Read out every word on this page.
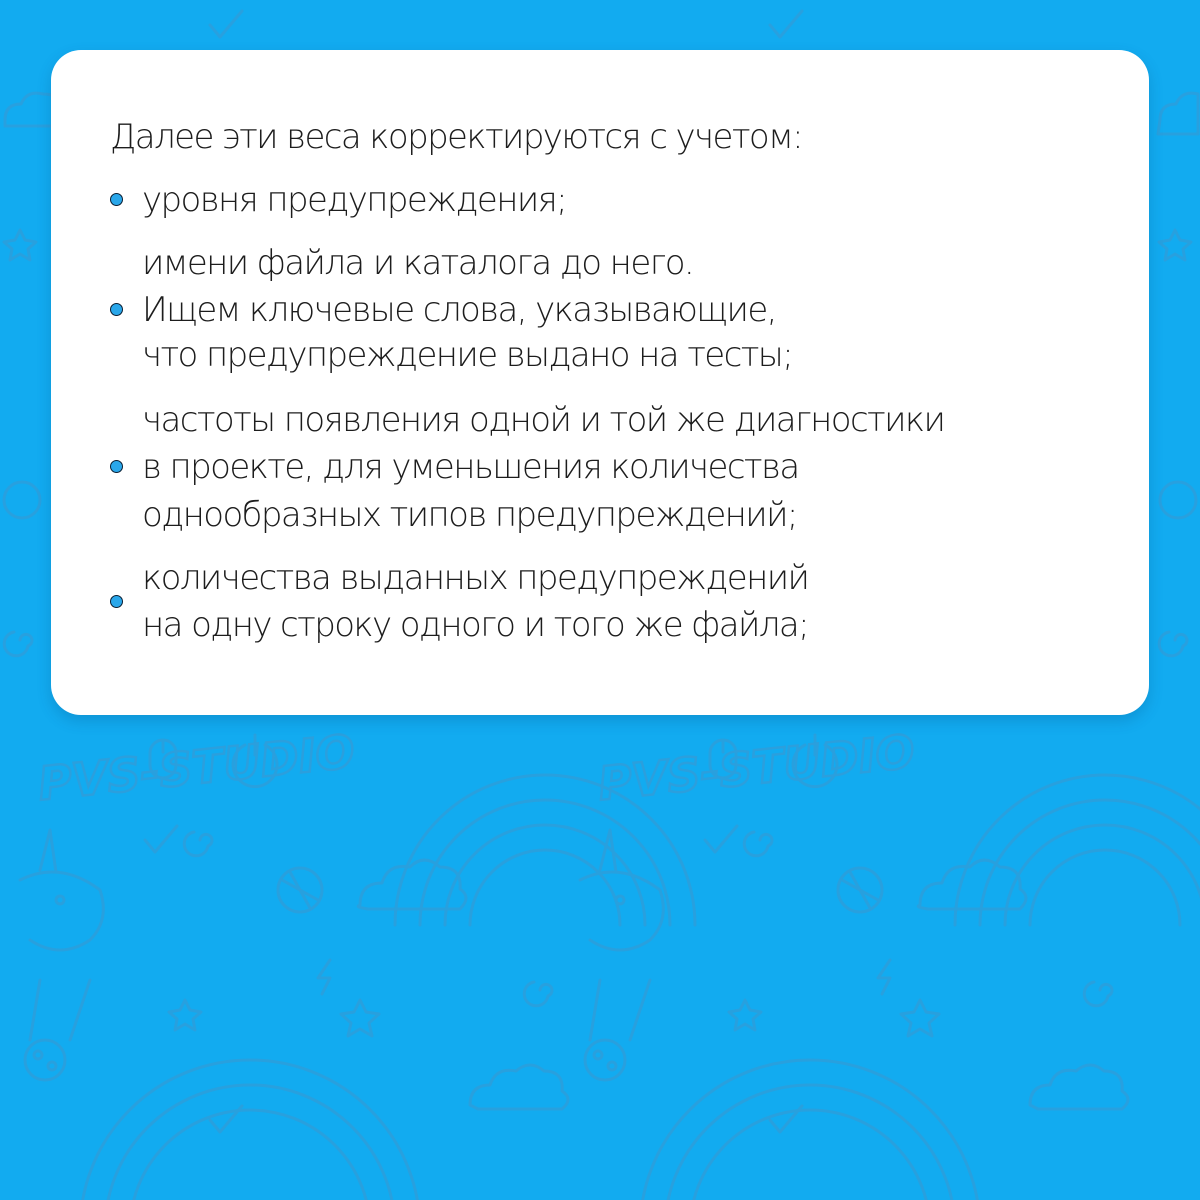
PVS-STUDIO	PVS-STUDIO

Далее эти веса корректируются с учетом:

уровня предупреждения;

имени файла и каталога до него.

Ищем ключевые слова, указывающие,

что предупреждение выдано на тесты;

частоты появления одной и той же диагностики

в проекте, для уменьшения количества

однообразных типов предупреждений;

количества выданных предупреждений

на одну строку одного и того же файла;
